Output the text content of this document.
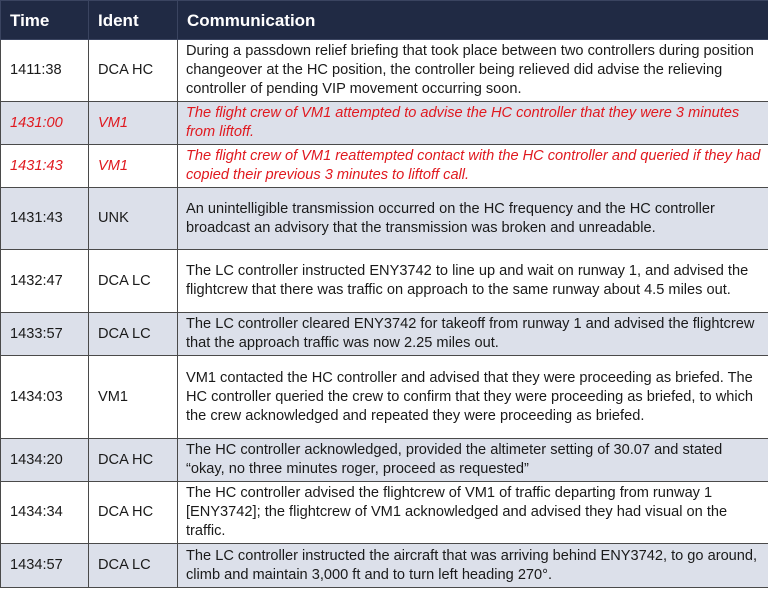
Time	Ident	Communication
1411:38	DCA HC	During a passdown relief briefing that took place between two controllers during position changeover at the HC position, the controller being relieved did advise the relieving controller of pending VIP movement occurring soon.
1431:00	VM1	The flight crew of VM1 attempted to advise the HC controller that they were 3 minutes from liftoff.
1431:43	VM1	The flight crew of VM1 reattempted contact with the HC controller and queried if they had copied their previous 3 minutes to liftoff call.
1431:43	UNK	An unintelligible transmission occurred on the HC frequency and the HC controller broadcast an advisory that the transmission was broken and unreadable.
1432:47	DCA LC	The LC controller instructed ENY3742 to line up and wait on runway 1, and advised the flightcrew that there was traffic on approach to the same runway about 4.5 miles out.
1433:57	DCA LC	The LC controller cleared ENY3742 for takeoff from runway 1 and advised the flightcrew that the approach traffic was now 2.25 miles out.
1434:03	VM1	VM1 contacted the HC controller and advised that they were proceeding as briefed. The HC controller queried the crew to confirm that they were proceeding as briefed, to which the crew acknowledged and repeated they were proceeding as briefed.
1434:20	DCA HC	The HC controller acknowledged, provided the altimeter setting of 30.07 and stated “okay, no three minutes roger, proceed as requested”
1434:34	DCA HC	The HC controller advised the flightcrew of VM1 of traffic departing from runway 1 [ENY3742]; the flightcrew of VM1 acknowledged and advised they had visual on the traffic.
1434:57	DCA LC	The LC controller instructed the aircraft that was arriving behind ENY3742, to go around, climb and maintain 3,000 ft and to turn left heading 270°.
